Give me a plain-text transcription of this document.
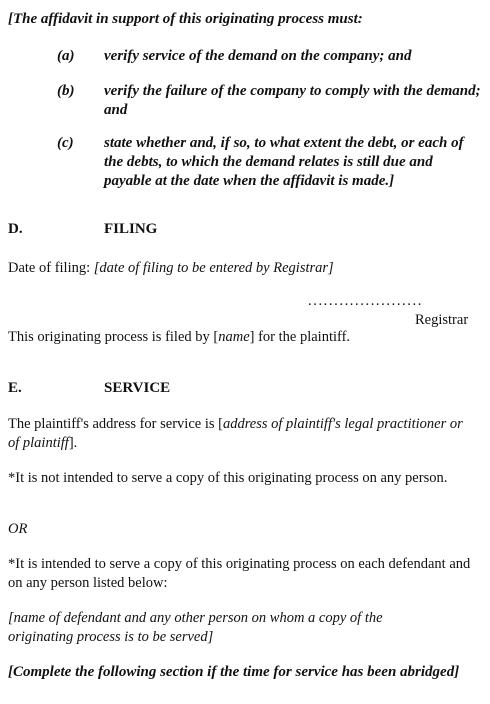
[The affidavit in support of this originating process must:
(a)	verify service of the demand on the company; and
(b)	verify the failure of the company to comply with the demand; and
(c)	state whether and, if so, to what extent the debt, or each of the debts, to which the demand relates is still due and payable at the date when the affidavit is made.]
D.	FILING
Date of filing: [date of filing to be entered by Registrar]
......................
Registrar
This originating process is filed by [name] for the plaintiff.
E.	SERVICE
The plaintiff's address for service is [address of plaintiff's legal practitioner or of plaintiff].
*It is not intended to serve a copy of this originating process on any person.
OR
*It is intended to serve a copy of this originating process on each defendant and on any person listed below:
[name of defendant and any other person on whom a copy of the originating process is to be served]
[Complete the following section if the time for service has been abridged]
